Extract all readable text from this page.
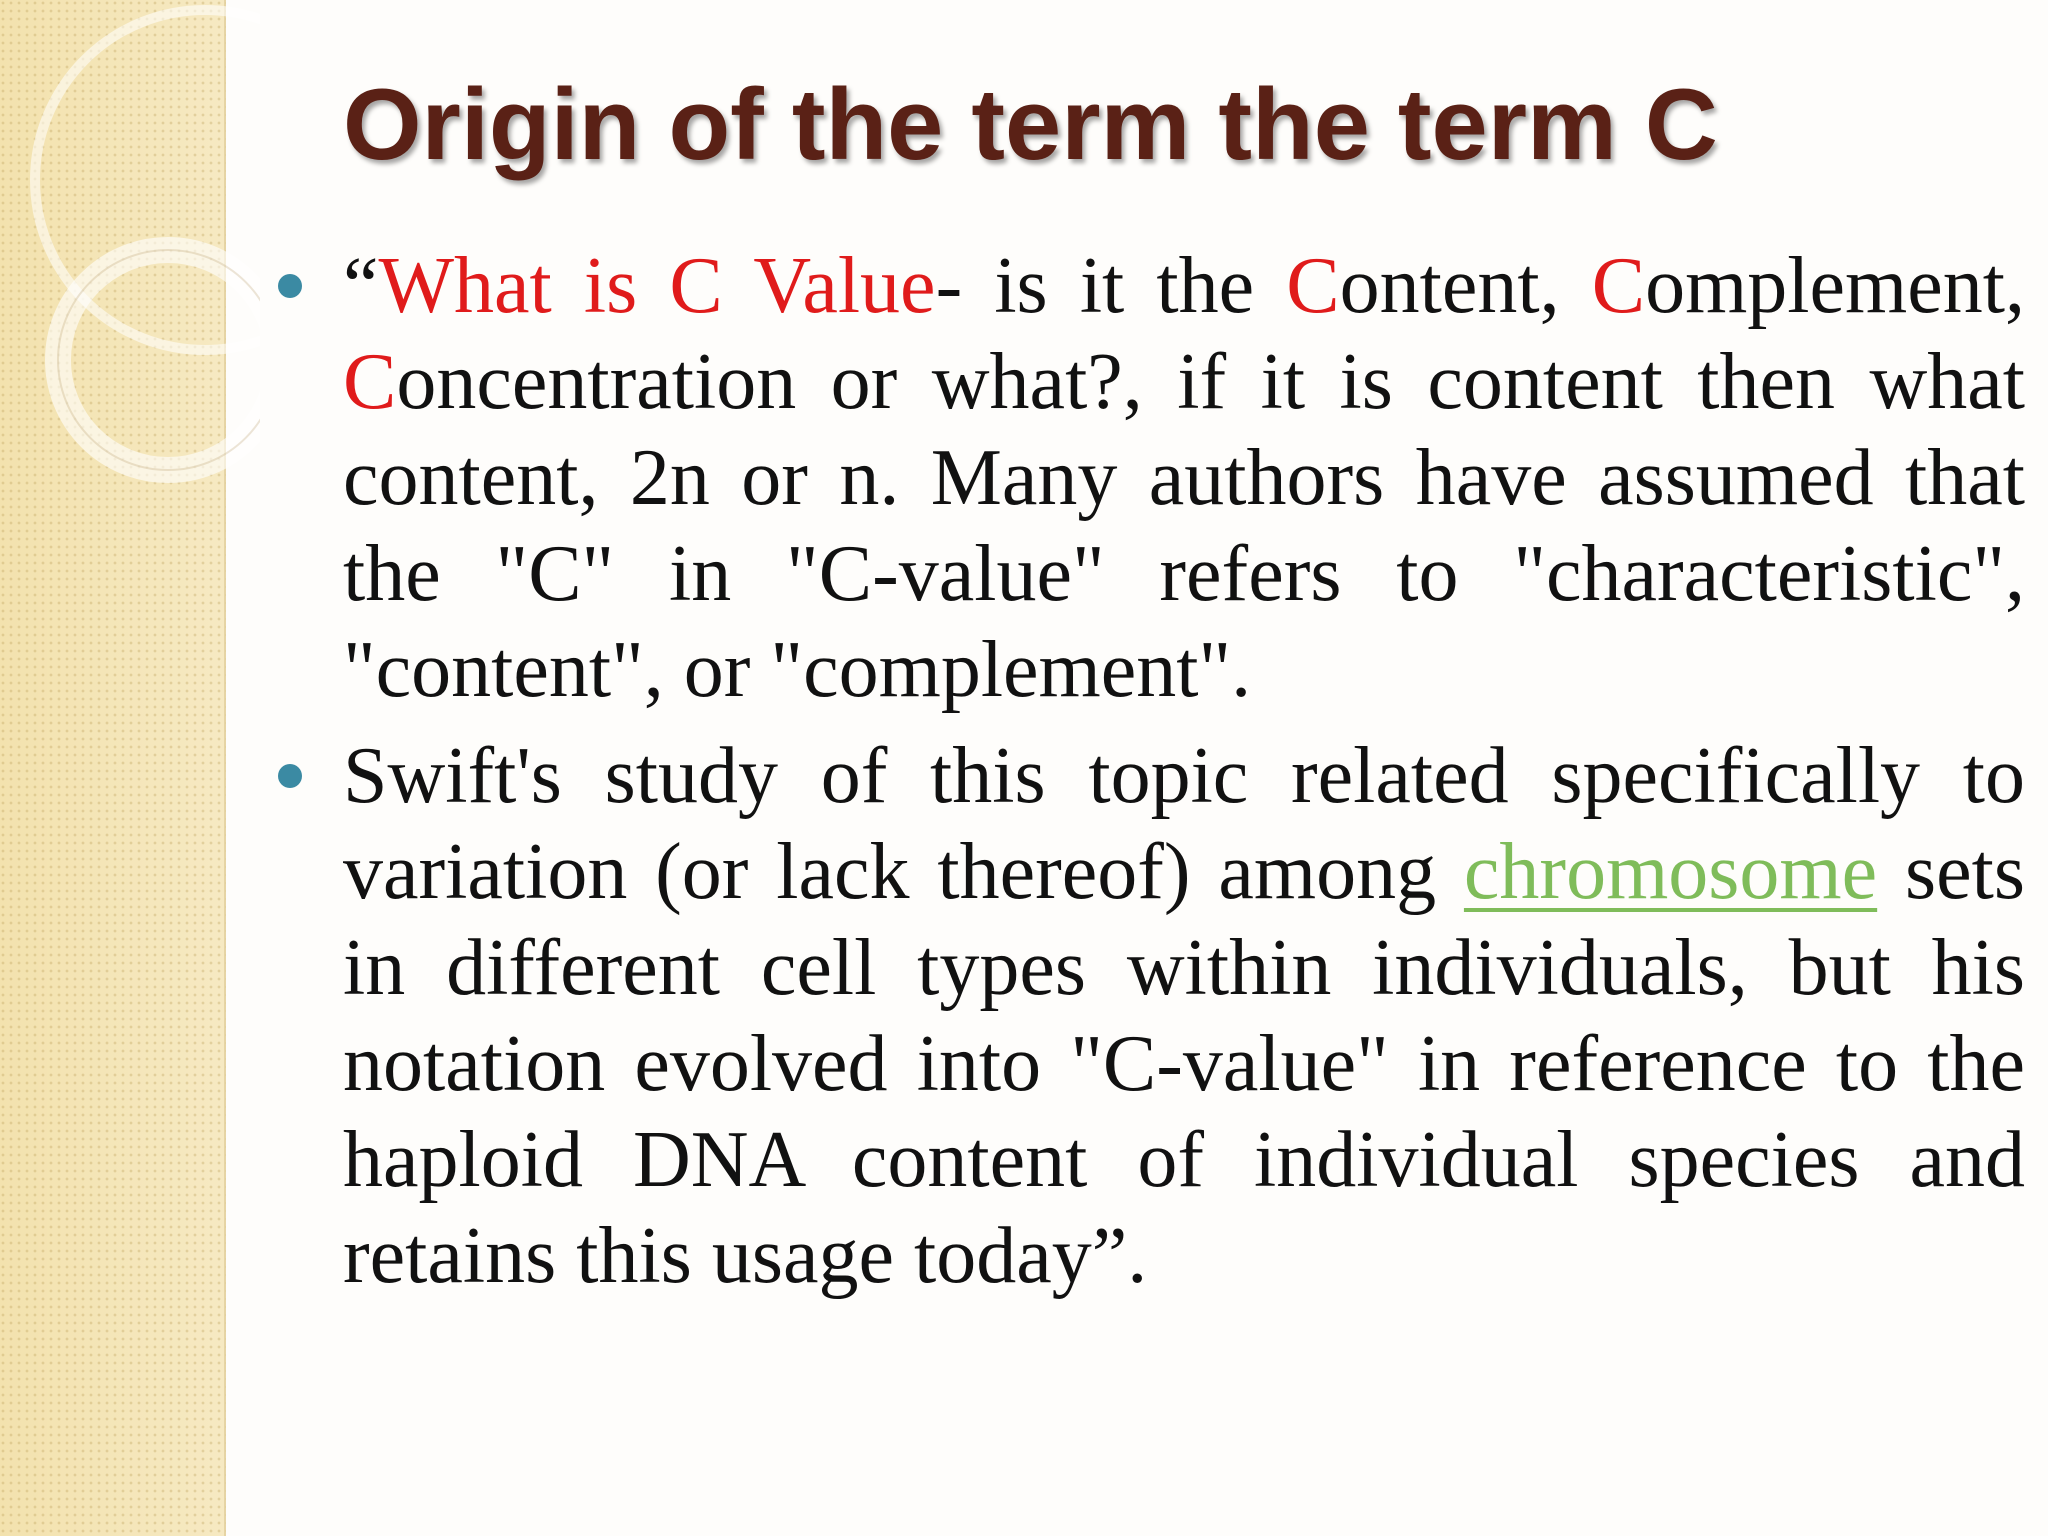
Origin of the term the term C
“What is C Value- is it the Content, Complement, Concentration or what?, if it is content then what content, 2n or n. Many authors have assumed that the "C" in "C-value" refers to "characteristic", "content", or "complement".
Swift's study of this topic related specifically to variation (or lack thereof) among chromosome sets in different cell types within individuals, but his notation evolved into "C-value" in reference to the haploid DNA content of individual species and retains this usage today”.
